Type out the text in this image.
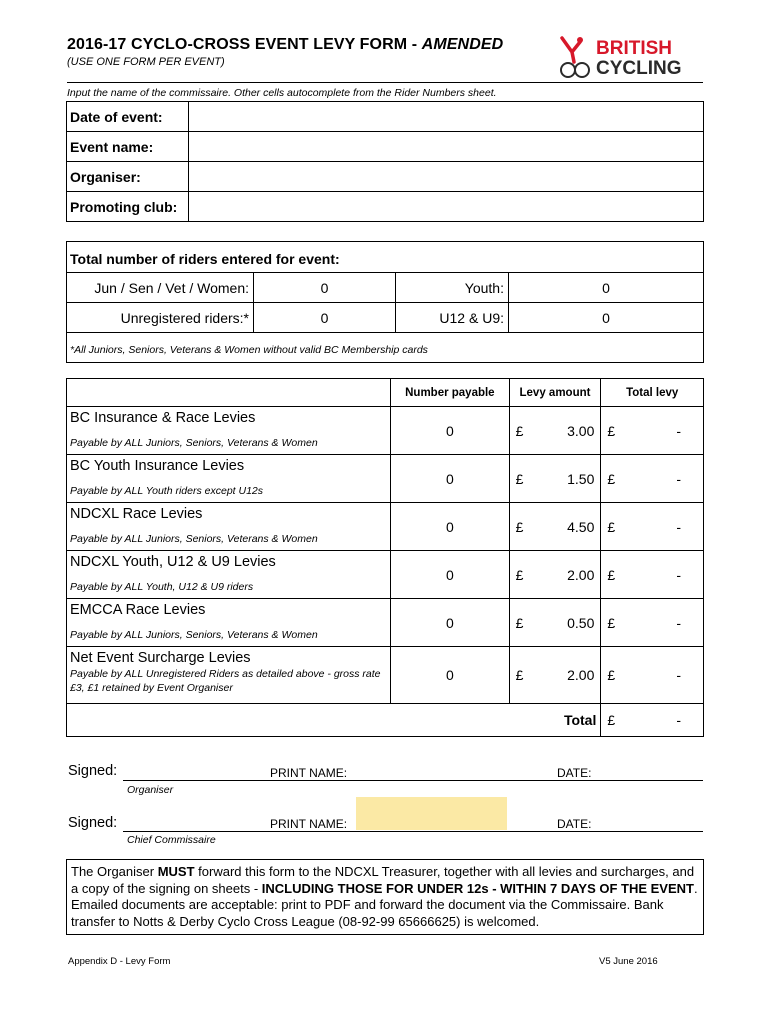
2016-17 CYCLO-CROSS EVENT LEVY FORM - AMENDED
(USE ONE FORM PER EVENT)
BRITISH
CYCLING
Input the name of the commissaire. Other cells autocomplete from the Rider Numbers sheet.
Date of event:	
Event name:	
Organiser:	
Promoting club:	
Total number of riders entered for event:
Jun / Sen / Vet / Women:	0	Youth:	0
Unregistered riders:*	0	U12 & U9:	0
*All Juniors, Seniors, Veterans & Women without valid BC Membership cards
	Number payable	Levy amount	Total levy

BC Insurance & Race Levies
Payable by ALL Juniors, Seniors, Veterans & Women	0	£ 3.00	£ -

BC Youth Insurance Levies
Payable by ALL Youth riders except U12s	0	£ 1.50	£ -

NDCXL Race Levies
Payable by ALL Juniors, Seniors, Veterans & Women	0	£ 4.50	£ -

NDCXL Youth, U12 & U9 Levies
Payable by ALL Youth, U12 & U9 riders	0	£ 2.00	£ -

EMCCA Race Levies
Payable by ALL Juniors, Seniors, Veterans & Women	0	£ 0.50	£ -

Net Event Surcharge Levies
Payable by ALL Unregistered Riders as detailed above - gross rate £3, £1 retained by Event Organiser	0	£ 2.00	£ -

Total			£ -
Signed:	PRINT NAME:	DATE:
Organiser
Signed:	PRINT NAME:	DATE:
Chief Commissaire
The Organiser MUST forward this form to the NDCXL Treasurer, together with all levies and surcharges, and a copy of the signing on sheets - INCLUDING THOSE FOR UNDER 12s - WITHIN 7 DAYS OF THE EVENT. Emailed documents are acceptable: print to PDF and forward the document via the Commissaire. Bank transfer to Notts & Derby Cyclo Cross League (08-92-99 65666625) is welcomed.
Appendix D - Levy Form	V5 June 2016
